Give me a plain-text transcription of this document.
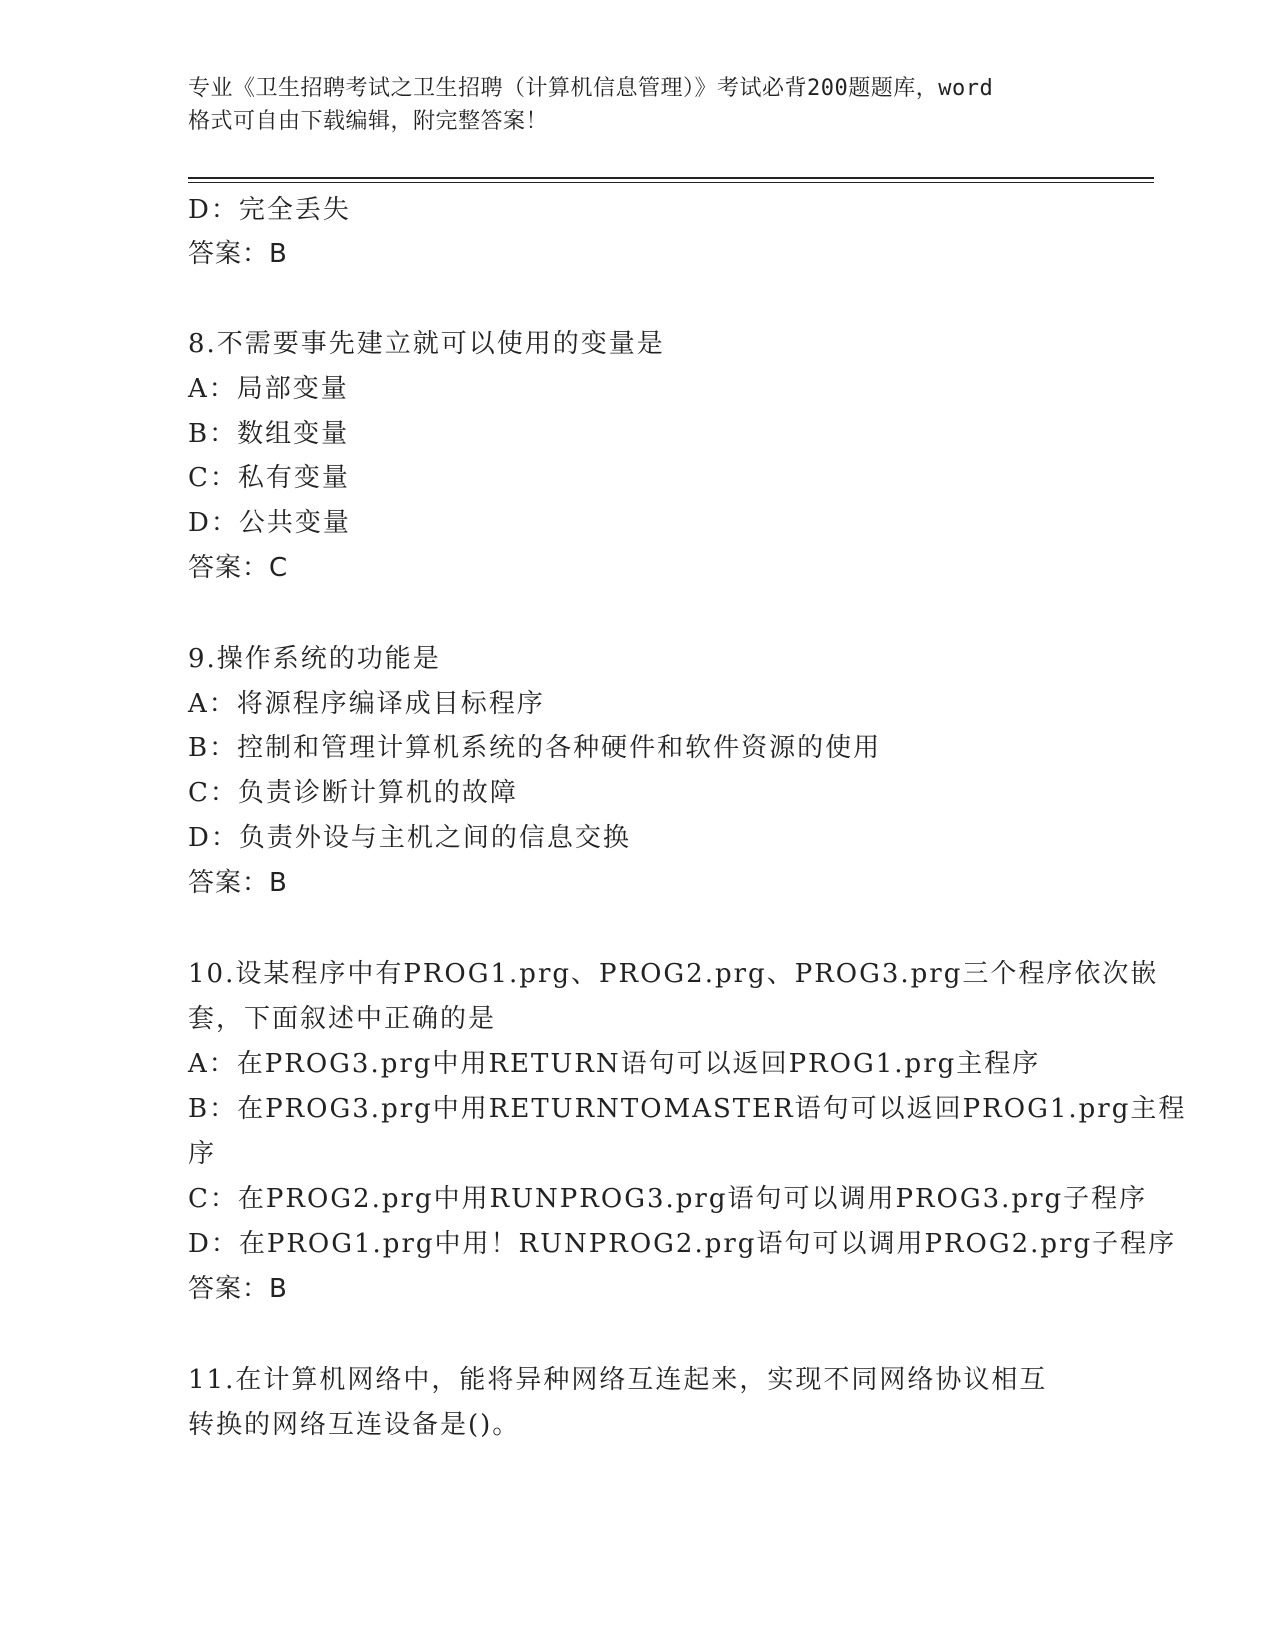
专业《卫生招聘考试之卫生招聘（计算机信息管理）》考试必背200题题库，word
格式可自由下载编辑，附完整答案！
D：完全丢失
答案：B
8.不需要事先建立就可以使用的变量是
A：局部变量
B：数组变量
C：私有变量
D：公共变量
答案：C
9.操作系统的功能是
A：将源程序编译成目标程序
B：控制和管理计算机系统的各种硬件和软件资源的使用
C：负责诊断计算机的故障
D：负责外设与主机之间的信息交换
答案：B
10.设某程序中有PROG1.prg、PROG2.prg、PROG3.prg三个程序依次嵌
套，下面叙述中正确的是
A：在PROG3.prg中用RETURN语句可以返回PROG1.prg主程序
B：在PROG3.prg中用RETURNTOMASTER语句可以返回PROG1.prg主程
序
C：在PROG2.prg中用RUNPROG3.prg语句可以调用PROG3.prg子程序
D：在PROG1.prg中用！RUNPROG2.prg语句可以调用PROG2.prg子程序
答案：B
11.在计算机网络中，能将异种网络互连起来，实现不同网络协议相互
转换的网络互连设备是()。
